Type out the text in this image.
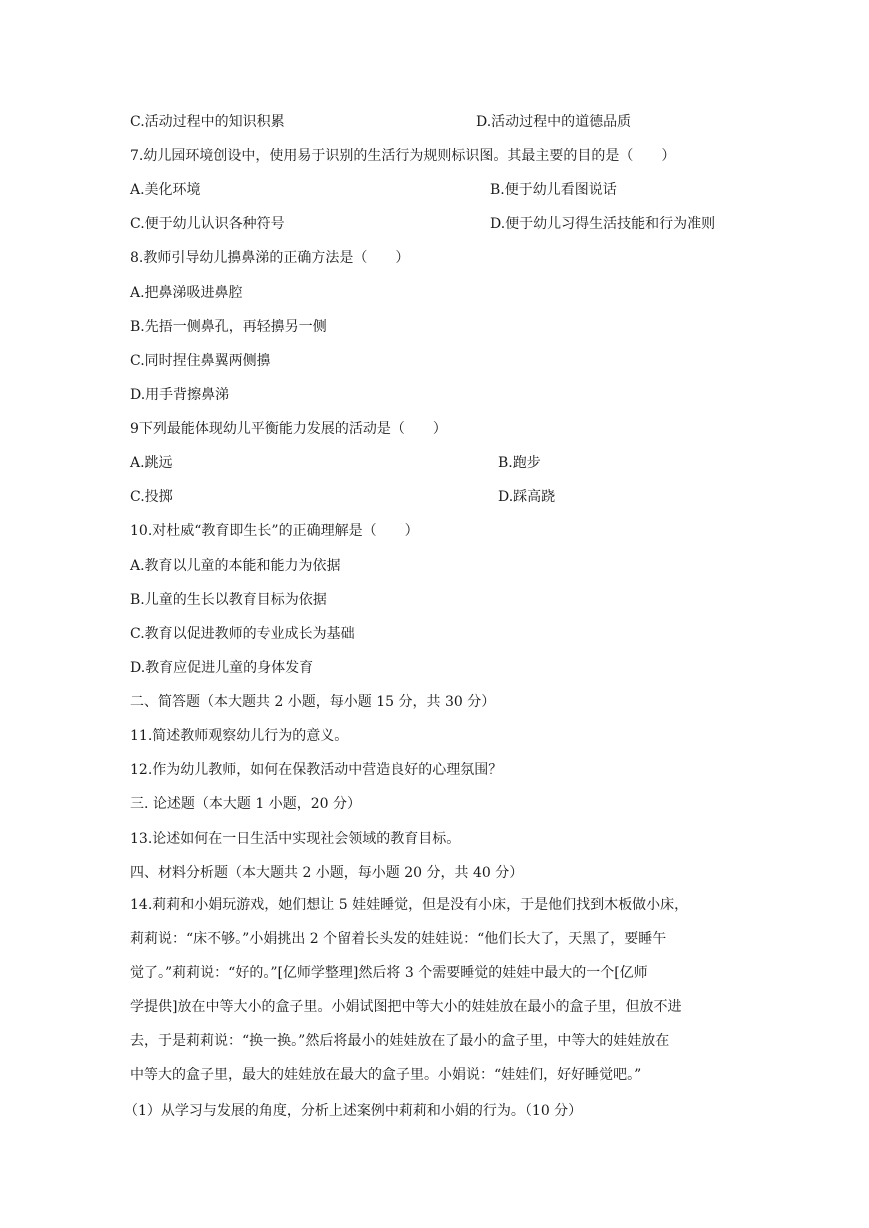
C.活动过程中的知识积累	D.活动过程中的道德品质
7.幼儿园环境创设中，使用易于识别的生活行为规则标识图。其最主要的目的是（　　）
A.美化环境	B.便于幼儿看图说话
C.便于幼儿认识各种符号	D.便于幼儿习得生活技能和行为准则
8.教师引导幼儿擤鼻涕的正确方法是（　　）
A.把鼻涕吸进鼻腔
B.先捂一侧鼻孔，再轻擤另一侧
C.同时捏住鼻翼两侧擤
D.用手背擦鼻涕
9下列最能体现幼儿平衡能力发展的活动是（　　）
A.跳远	B.跑步
C.投掷	D.踩高跷
10.对杜威“教育即生长”的正确理解是（　　）
A.教育以儿童的本能和能力为依据
B.儿童的生长以教育目标为依据
C.教育以促进教师的专业成长为基础
D.教育应促进儿童的身体发育
二、简答题（本大题共 2 小题，每小题 15 分，共 30 分）
11.简述教师观察幼儿行为的意义。
12.作为幼儿教师，如何在保教活动中营造良好的心理氛围？
三. 论述题（本大题 1 小题，20 分）
13.论述如何在一日生活中实现社会领域的教育目标。
四、材料分析题（本大题共 2 小题，每小题 20 分，共 40 分）
14.莉莉和小娟玩游戏，她们想让 5 娃娃睡觉，但是没有小床，于是他们找到木板做小床，
莉莉说：“床不够。”小娟挑出 2 个留着长头发的娃娃说：“他们长大了，天黑了，要睡午
觉了。”莉莉说：“好的。”[亿师学整理]然后将 3 个需要睡觉的娃娃中最大的一个[亿师
学提供]放在中等大小的盒子里。小娟试图把中等大小的娃娃放在最小的盒子里，但放不进
去，于是莉莉说：“换一换。”然后将最小的娃娃放在了最小的盒子里，中等大的娃娃放在
中等大的盒子里，最大的娃娃放在最大的盒子里。小娟说：“娃娃们，好好睡觉吧。”
（1）从学习与发展的角度，分析上述案例中莉莉和小娟的行为。（10 分）
